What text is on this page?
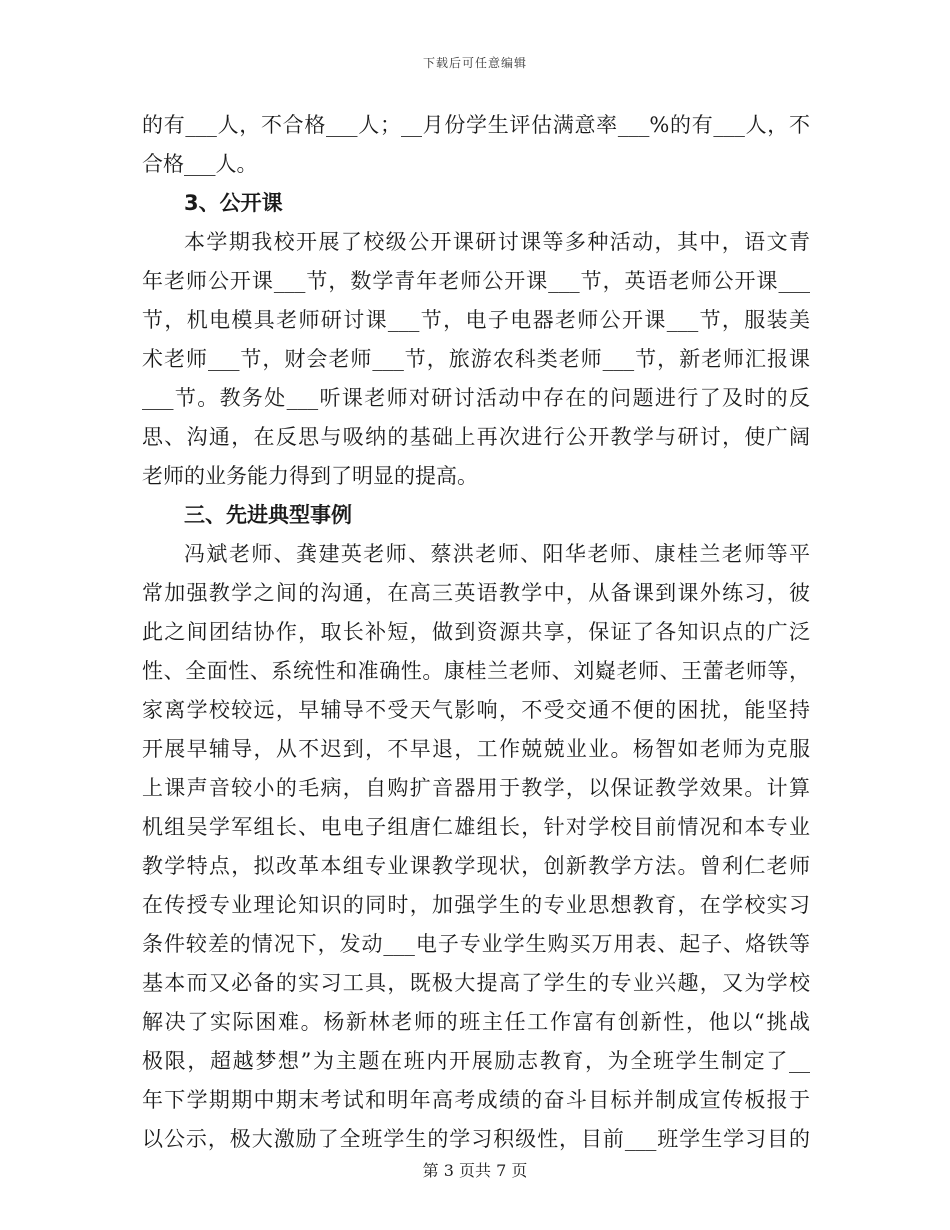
下载后可任意编辑
的有___人，不合格___人；__月份学生评估满意率___%的有___人，不
合格___人。
3、公开课
本学期我校开展了校级公开课研讨课等多种活动，其中，语文青
年老师公开课___节，数学青年老师公开课___节，英语老师公开课___
节，机电模具老师研讨课___节，电子电器老师公开课___节，服装美
术老师___节，财会老师___节，旅游农科类老师___节，新老师汇报课
___节。教务处___听课老师对研讨活动中存在的问题进行了及时的反
思、沟通，在反思与吸纳的基础上再次进行公开教学与研讨，使广阔
老师的业务能力得到了明显的提高。
三、先进典型事例
冯斌老师、龚建英老师、蔡洪老师、阳华老师、康桂兰老师等平
常加强教学之间的沟通，在高三英语教学中，从备课到课外练习，彼
此之间团结协作，取长补短，做到资源共享，保证了各知识点的广泛
性、全面性、系统性和准确性。康桂兰老师、刘嶷老师、王蕾老师等，
家离学校较远，早辅导不受天气影响，不受交通不便的困扰，能坚持
开展早辅导，从不迟到，不早退，工作兢兢业业。杨智如老师为克服
上课声音较小的毛病，自购扩音器用于教学，以保证教学效果。计算
机组吴学军组长、电电子组唐仁雄组长，针对学校目前情况和本专业
教学特点，拟改革本组专业课教学现状，创新教学方法。曾利仁老师
在传授专业理论知识的同时，加强学生的专业思想教育，在学校实习
条件较差的情况下，发动___电子专业学生购买万用表、起子、烙铁等
基本而又必备的实习工具，既极大提高了学生的专业兴趣，又为学校
解决了实际困难。杨新林老师的班主任工作富有创新性，他以“挑战
极限，超越梦想”为主题在班内开展励志教育，为全班学生制定了__
年下学期期中期末考试和明年高考成绩的奋斗目标并制成宣传板报于
以公示，极大激励了全班学生的学习积级性，目前___班学生学习目的
第 3 页共 7 页
